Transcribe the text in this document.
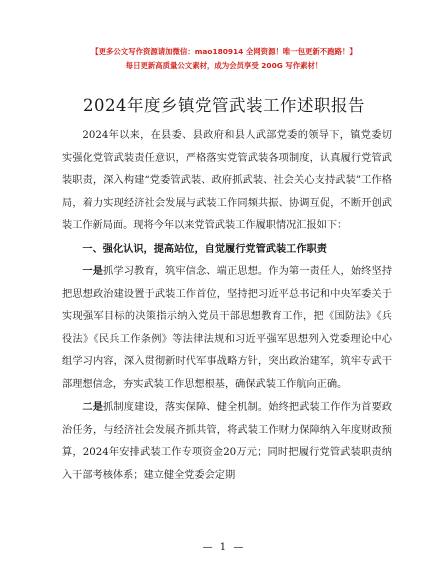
【更多公文写作资源请加微信：mao180914 全网资源！唯一包更新不跑路！】
每日更新高质量公文素材，成为会员享受 200G 写作素材！
2024年度乡镇党管武装工作述职报告

2024年以来，在县委、县政府和县人武部党委的领导下，镇党委切实强化党管武装责任意识，严格落实党管武装各项制度，认真履行党管武装职责，深入构建“党委管武装、政府抓武装、社会关心支持武装”工作格局，着力实现经济社会发展与武装工作同频共振、协调互促，不断开创武装工作新局面。现将今年以来党管武装工作履职情况汇报如下：

一、强化认识，提高站位，自觉履行党管武装工作职责

一是抓学习教育，筑牢信念、端正思想。作为第一责任人，始终坚持把思想政治建设置于武装工作首位，坚持把习近平总书记和中央军委关于实现强军目标的决策指示纳入党员干部思想教育工作，把《国防法》《兵役法》《民兵工作条例》等法律法规和习近平强军思想列入党委理论中心组学习内容，深入贯彻新时代军事战略方针，突出政治建军，筑牢专武干部理想信念，夯实武装工作思想根基，确保武装工作航向正确。

二是抓制度建设，落实保障、健全机制。始终把武装工作作为首要政治任务，与经济社会发展齐抓共管，将武装工作财力保障纳入年度财政预算，2024年安排武装工作专项资金20万元；同时把履行党管武装职责纳入干部考核体系；建立健全党委会定期

— 1 —
